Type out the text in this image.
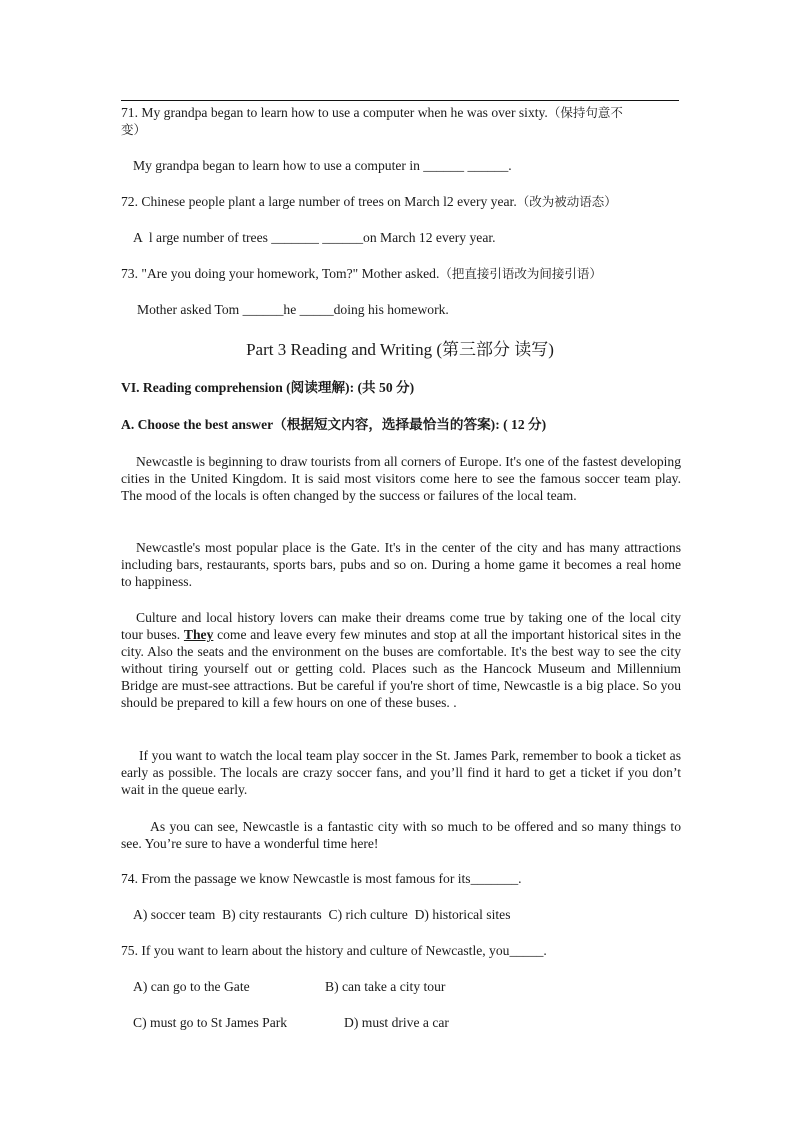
71. My grandpa began to learn how to use a computer when he was over sixty.（保持句意不
变）
My grandpa began to learn how to use a computer in ______ ______.
72. Chinese people plant a large number of trees on March l2 every year.（改为被动语态）
A  l arge number of trees _______ ______on March 12 every year.
73. "Are you doing your homework, Tom?" Mother asked.（把直接引语改为间接引语）
Mother asked Tom ______he _____doing his homework.
Part 3 Reading and Writing (第三部分 读写)
VI. Reading comprehension (阅读理解): (共 50 分)
A. Choose the best answer（根据短文内容，选择最恰当的答案): ( 12 分)
Newcastle is beginning to draw tourists from all corners of Europe. It's one of the fastest developing cities in the United Kingdom. It is said most visitors come here to see the famous soccer team play. The mood of the locals is often changed by the success or failures of the local team.
Newcastle's most popular place is the Gate. It's in the center of the city and has many attractions including bars, restaurants, sports bars, pubs and so on. During a home game it becomes a real home to happiness.
Culture and local history lovers can make their dreams come true by taking one of the local city tour buses. They come and leave every few minutes and stop at all the important historical sites in the city. Also the seats and the environment on the buses are comfortable. It's the best way to see the city without tiring yourself out or getting cold. Places such as the Hancock Museum and Millennium Bridge are must-see attractions. But be careful if you're short of time, Newcastle is a big place. So you should be prepared to kill a few hours on one of these buses. .
If you want to watch the local team play soccer in the St. James Park, remember to book a ticket as early as possible. The locals are crazy soccer fans, and you’ll find it hard to get a ticket if you don’t wait in the queue early.
As you can see, Newcastle is a fantastic city with so much to be offered and so many things to see. You’re sure to have a wonderful time here!
74. From the passage we know Newcastle is most famous for its_______.
A) soccer team  B) city restaurants  C) rich culture  D) historical sites
75. If you want to learn about the history and culture of Newcastle, you_____.
A) can go to the Gate	B) can take a city tour
C) must go to St James Park	D) must drive a car
